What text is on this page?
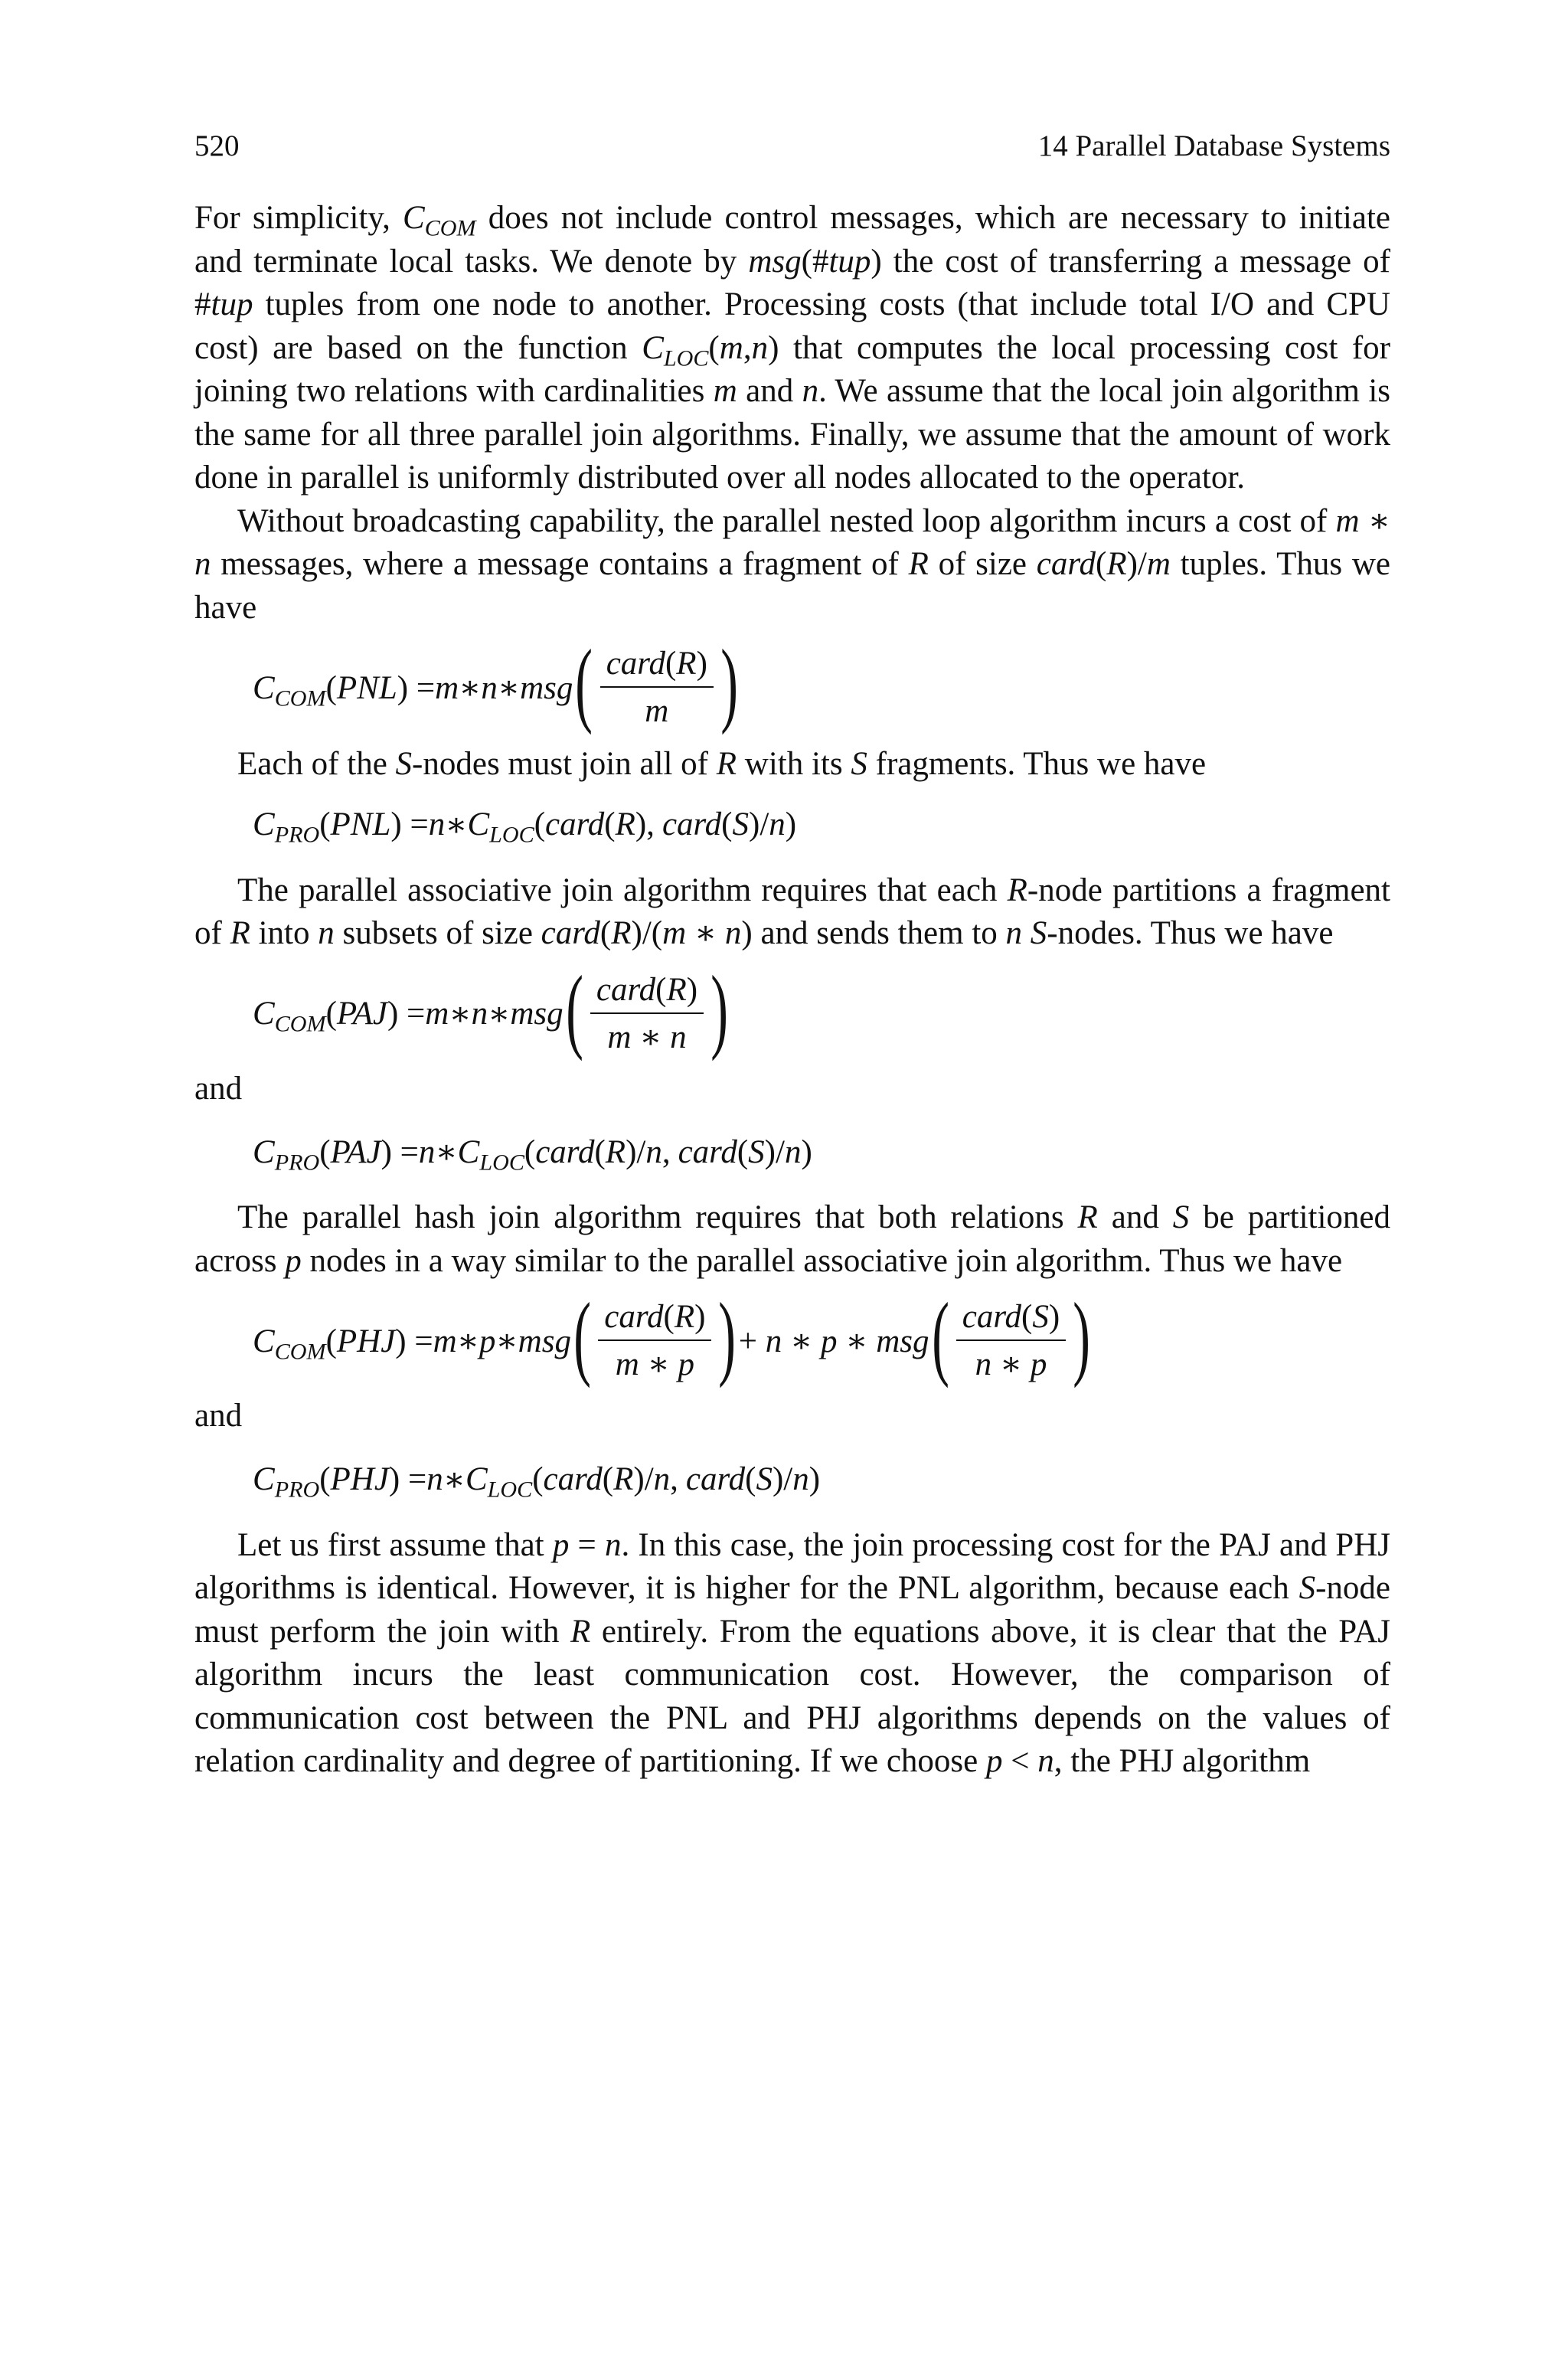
520	14 Parallel Database Systems

For simplicity, $C_{COM}$ does not include control messages, which are necessary to initiate and terminate local tasks. We denote by msg(#tup) the cost of transferring a message of #tup tuples from one node to another. Processing costs (that include total I/O and CPU cost) are based on the function $C_{LOC}(m,n)$ that computes the local processing cost for joining two relations with cardinalities m and n. We assume that the local join algorithm is the same for all three parallel join algorithms. Finally, we assume that the amount of work done in parallel is uniformly distributed over all nodes allocated to the operator.

Without broadcasting capability, the parallel nested loop algorithm incurs a cost of m ∗ n messages, where a message contains a fragment of R of size card(R)/m tuples. Thus we have

$C_{COM}$ ( PNL ) = m ∗ n ∗ msg ( $\frac{\text{card(R)}}{m}$ )

Each of the S-nodes must join all of R with its S fragments. Thus we have

$C_{PRO}$ ( PNL ) = n ∗ $C_{LOC}$ ( card ( R ), card ( S )/ n )

The parallel associative join algorithm requires that each R-node partitions a fragment of R into n subsets of size card(R)/(m ∗ n) and sends them to n S-nodes. Thus we have

$C_{COM}$ ( PAJ ) = m ∗ n ∗ msg ( $\frac{\text{card(R)}}{m ∗ n}$ )

and

$C_{PRO}$ ( PAJ ) = n ∗ $C_{LOC}$ ( card ( R )/ n , card ( S )/ n )

The parallel hash join algorithm requires that both relations R and S be partitioned across p nodes in a way similar to the parallel associative join algorithm. Thus we have

$C_{COM}$ ( PHJ ) = m ∗ p ∗ msg ( $\frac{\text{card(R)}}{m ∗ p}$ ) + n ∗ p ∗ msg ( $\frac{\text{card(S)}}{n ∗ p}$ )

and

$C_{PRO}$ ( PHJ ) = n ∗ $C_{LOC}$ ( card ( R )/ n , card ( S )/ n )

Let us first assume that p = n. In this case, the join processing cost for the PAJ and PHJ algorithms is identical. However, it is higher for the PNL algorithm, because each S-node must perform the join with R entirely. From the equations above, it is clear that the PAJ algorithm incurs the least communication cost. However, the comparison of communication cost between the PNL and PHJ algorithms depends on the values of relation cardinality and degree of partitioning. If we choose p < n, the PHJ algorithm
